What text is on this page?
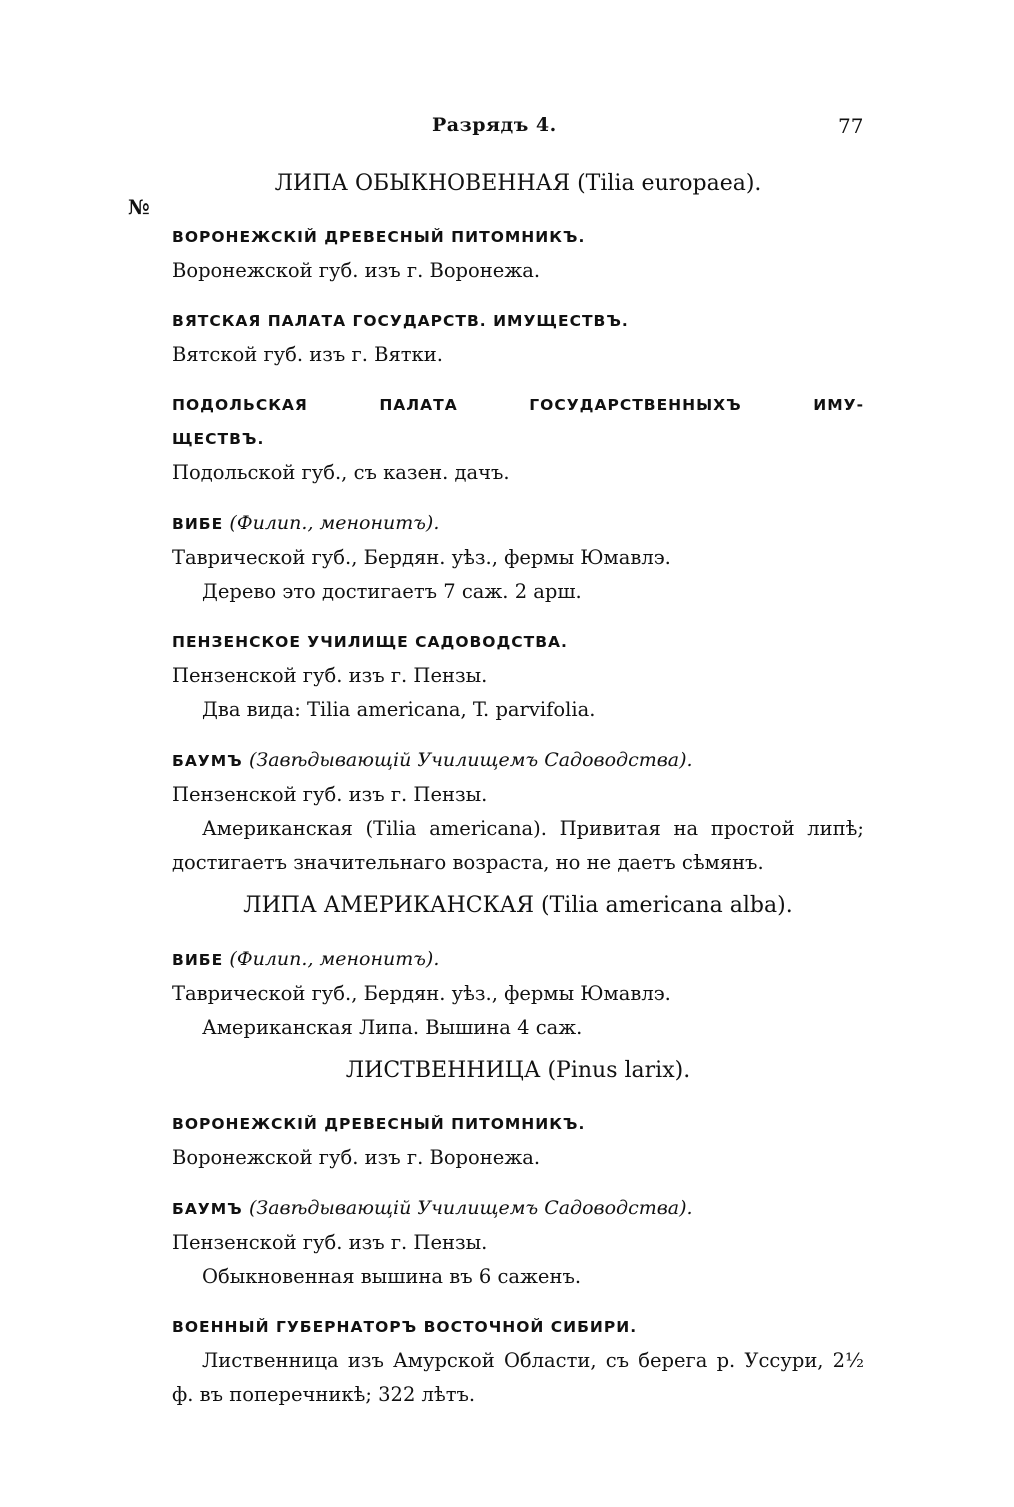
Разрядъ 4.	77
№

ЛИПА ОБЫКНОВЕННАЯ (Tilia europaea).

ВОРОНЕЖСКІЙ ДРЕВЕСНЫЙ ПИТОМНИКЪ.

Воронежской губ. изъ г. Воронежа.

ВЯТСКАЯ ПАЛАТА ГОСУДАРСТВ. ИМУЩЕСТВЪ.

Вятской губ. изъ г. Вятки.

ПОДОЛЬСКАЯ ПАЛАТА ГОСУДАРСТВЕННЫХЪ ИМУ-

ЩЕСТВЪ.

Подольской губ., съ казен. дачъ.

ВИБЕ (Филип., менонитъ).

Таврической губ., Бердян. уѣз., фермы Юмавлэ.

Дерево это достигаетъ 7 саж. 2 арш.

ПЕНЗЕНСКОЕ УЧИЛИЩЕ САДОВОДСТВА.

Пензенской губ. изъ г. Пензы.

Два вида: Tilia americana, T. parvifolia.

БАУМЪ (Завѣдывающій Училищемъ Садоводства).

Пензенской губ. изъ г. Пензы.

Американская (Tilia americana). Привитая на простой липѣ; достигаетъ значительнаго возраста, но не даетъ сѣмянъ.

ЛИПА АМЕРИКАНСКАЯ (Tilia americana alba).

ВИБЕ (Филип., менонитъ).

Таврической губ., Бердян. уѣз., фермы Юмавлэ.

Американская Липа. Вышина 4 саж.

ЛИСТВЕННИЦА (Pinus larix).

ВОРОНЕЖСКІЙ ДРЕВЕСНЫЙ ПИТОМНИКЪ.

Воронежской губ. изъ г. Воронежа.

БАУМЪ (Завѣдывающій Училищемъ Садоводства).

Пензенской губ. изъ г. Пензы.

Обыкновенная вышина въ 6 саженъ.

ВОЕННЫЙ ГУБЕРНАТОРЪ ВОСТОЧНОЙ СИБИРИ.

Лиственница изъ Амурской Области, съ берега р. Уссури, 2½ ф. въ поперечникѣ; 322 лѣтъ.
